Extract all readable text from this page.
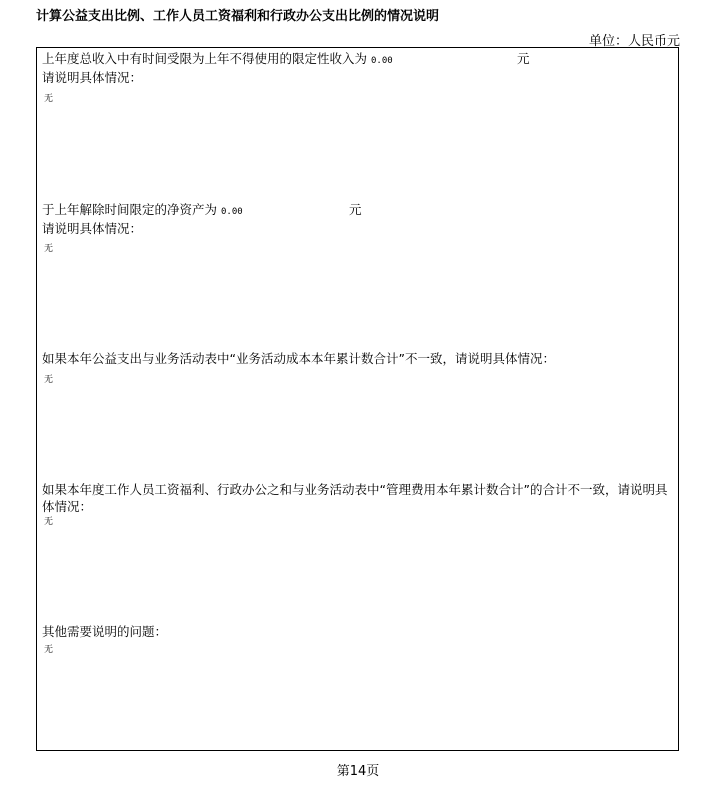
计算公益支出比例、工作人员工资福利和行政办公支出比例的情况说明
单位：人民币元
上年度总收入中有时间受限为上年不得使用的限定性收入为 0.00	元
请说明具体情况：
无
于上年解除时间限定的净资产为 0.00	元
请说明具体情况：
无
如果本年公益支出与业务活动表中“业务活动成本本年累计数合计”不一致，请说明具体情况：
无
如果本年度工作人员工资福利、行政办公之和与业务活动表中“管理费用本年累计数合计”的合计不一致，请说明具体情况：
无
其他需要说明的问题：
无
第14页
